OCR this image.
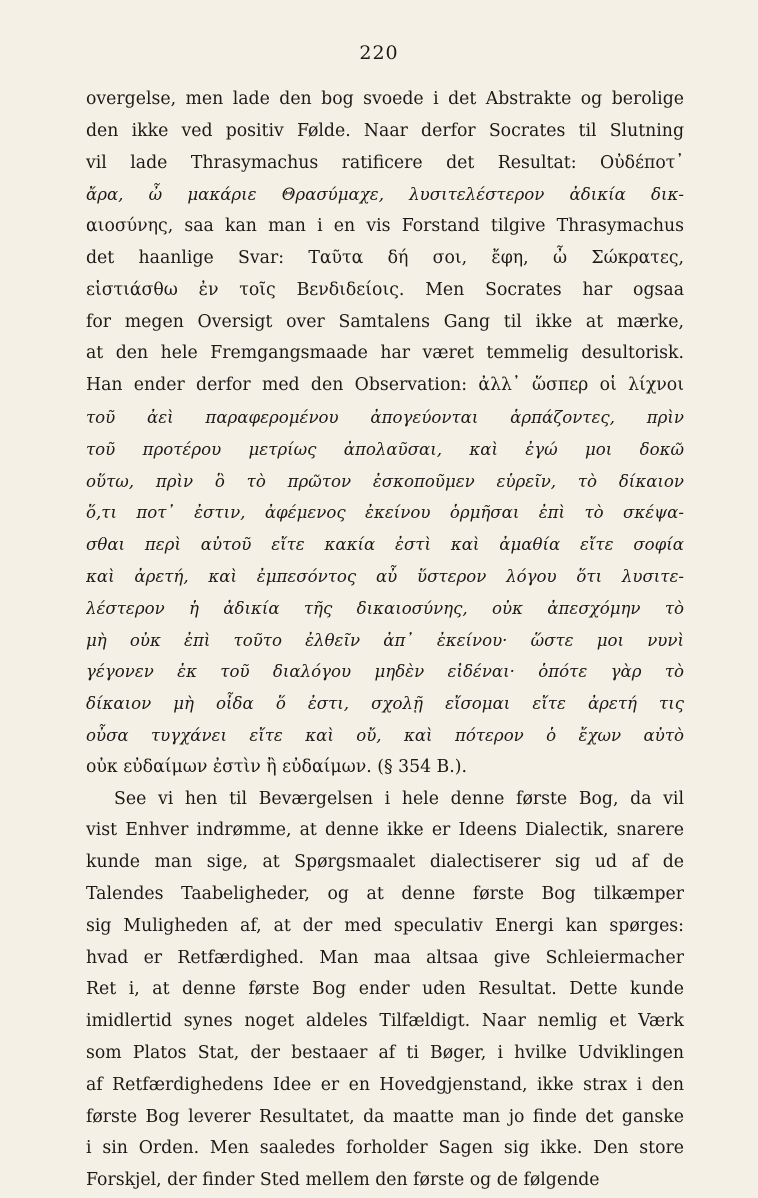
220
overgelse, men lade den bog svoede i det Abstrakte og berolige
den ikke ved positiv Følde. Naar derfor Socrates til Slutning
vil lade Thrasymachus ratificere det Resultat: Οὐδέποτ᾽
ἄρα, ὦ μακάριε Θρασύμαχε, λυσιτελέστερον ἀδικία δικ-
αιοσύνης, saa kan man i en vis Forstand tilgive Thrasymachus
det haanlige Svar: Ταῦτα δή σοι, ἔφη, ὦ Σώκρατες,
εἱστιάσθω ἐν τοῖς Βενδιδείοις. Men Socrates har ogsaa
for megen Oversigt over Samtalens Gang til ikke at mærke,
at den hele Fremgangsmaade har været temmelig desultorisk.
Han ender derfor med den Observation: ἀλλ᾽ ὥσπερ οἱ λίχνοι
τοῦ ἀεὶ παραφερομένου ἀπογεύονται ἁρπάζοντες, πρὶν
τοῦ προτέρου μετρίως ἀπολαῦσαι, καὶ ἐγώ μοι δοκῶ
οὕτω, πρὶν ὃ τὸ πρῶτον ἐσκοποῦμεν εὑρεῖν, τὸ δίκαιον
ὅ,τι ποτ᾽ ἐστιν, ἀφέμενος ἐκείνου ὁρμῆσαι ἐπὶ τὸ σκέψα-
σθαι περὶ αὐτοῦ εἴτε κακία ἐστὶ καὶ ἀμαθία εἴτε σοφία
καὶ ἀρετή, καὶ ἐμπεσόντος αὖ ὕστερον λόγου ὅτι λυσιτε-
λέστερον ἡ ἀδικία τῆς δικαιοσύνης, οὐκ ἀπεσχόμην τὸ
μὴ οὐκ ἐπὶ τοῦτο ἐλθεῖν ἀπ᾽ ἐκείνου· ὥστε μοι νυνὶ
γέγονεν ἐκ τοῦ διαλόγου μηδὲν εἰδέναι· ὁπότε γὰρ τὸ
δίκαιον μὴ οἶδα ὅ ἐστι, σχολῇ εἴσομαι εἴτε ἀρετή τις
οὖσα τυγχάνει εἴτε καὶ οὔ, καὶ πότερον ὁ ἔχων αὐτὸ
οὐκ εὐδαίμων ἐστὶν ἢ εὐδαίμων. (§ 354 B.).
See vi hen til Beværgelsen i hele denne første Bog, da vil
vist Enhver indrømme, at denne ikke er Ideens Dialectik, snarere
kunde man sige, at Spørgsmaalet dialectiserer sig ud af de
Talendes Taabeligheder, og at denne første Bog tilkæmper
sig Muligheden af, at der med speculativ Energi kan spørges:
hvad er Retfærdighed. Man maa altsaa give Schleiermacher
Ret i, at denne første Bog ender uden Resultat. Dette kunde
imidlertid synes noget aldeles Tilfældigt. Naar nemlig et Værk
som Platos Stat, der bestaaer af ti Bøger, i hvilke Udviklingen
af Retfærdighedens Idee er en Hovedgjenstand, ikke strax i den
første Bog leverer Resultatet, da maatte man jo finde det ganske
i sin Orden. Men saaledes forholder Sagen sig ikke. Den store
Forskjel, der finder Sted mellem den første og de følgende
